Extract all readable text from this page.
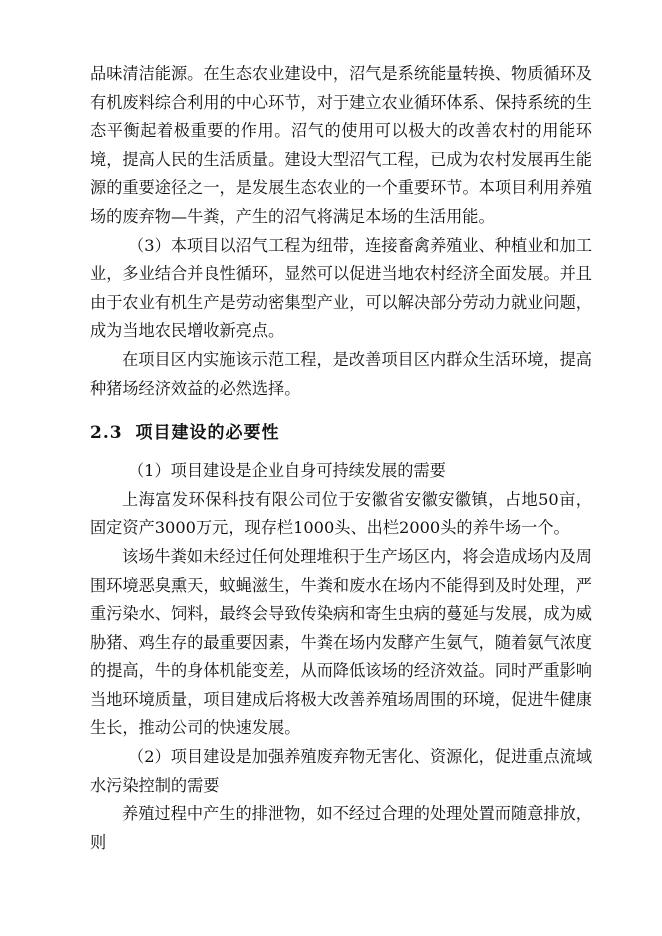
品味清洁能源。在生态农业建设中，沼气是系统能量转换、物质循环及有机废料综合利用的中心环节，对于建立农业循环体系、保持系统的生态平衡起着极重要的作用。沼气的使用可以极大的改善农村的用能环境，提高人民的生活质量。建设大型沼气工程，已成为农村发展再生能源的重要途径之一，是发展生态农业的一个重要环节。本项目利用养殖场的废弃物—牛粪，产生的沼气将满足本场的生活用能。

（3）本项目以沼气工程为纽带，连接畜禽养殖业、种植业和加工业，多业结合并良性循环，显然可以促进当地农村经济全面发展。并且由于农业有机生产是劳动密集型产业，可以解决部分劳动力就业问题，成为当地农民增收新亮点。

在项目区内实施该示范工程，是改善项目区内群众生活环境，提高种猪场经济效益的必然选择。

2.3 项目建设的必要性

（1）项目建设是企业自身可持续发展的需要

上海富发环保科技有限公司位于安徽省安徽安徽镇，占地50亩，固定资产3000万元，现存栏1000头、出栏2000头的养牛场一个。

该场牛粪如未经过任何处理堆积于生产场区内，将会造成场内及周围环境恶臭熏天，蚊蝇滋生，牛粪和废水在场内不能得到及时处理，严重污染水、饲料，最终会导致传染病和寄生虫病的蔓延与发展，成为威胁猪、鸡生存的最重要因素，牛粪在场内发酵产生氨气，随着氨气浓度的提高，牛的身体机能变差，从而降低该场的经济效益。同时严重影响当地环境质量，项目建成后将极大改善养殖场周围的环境，促进牛健康生长，推动公司的快速发展。

（2）项目建设是加强养殖废弃物无害化、资源化，促进重点流域水污染控制的需要

养殖过程中产生的排泄物，如不经过合理的处理处置而随意排放，则
